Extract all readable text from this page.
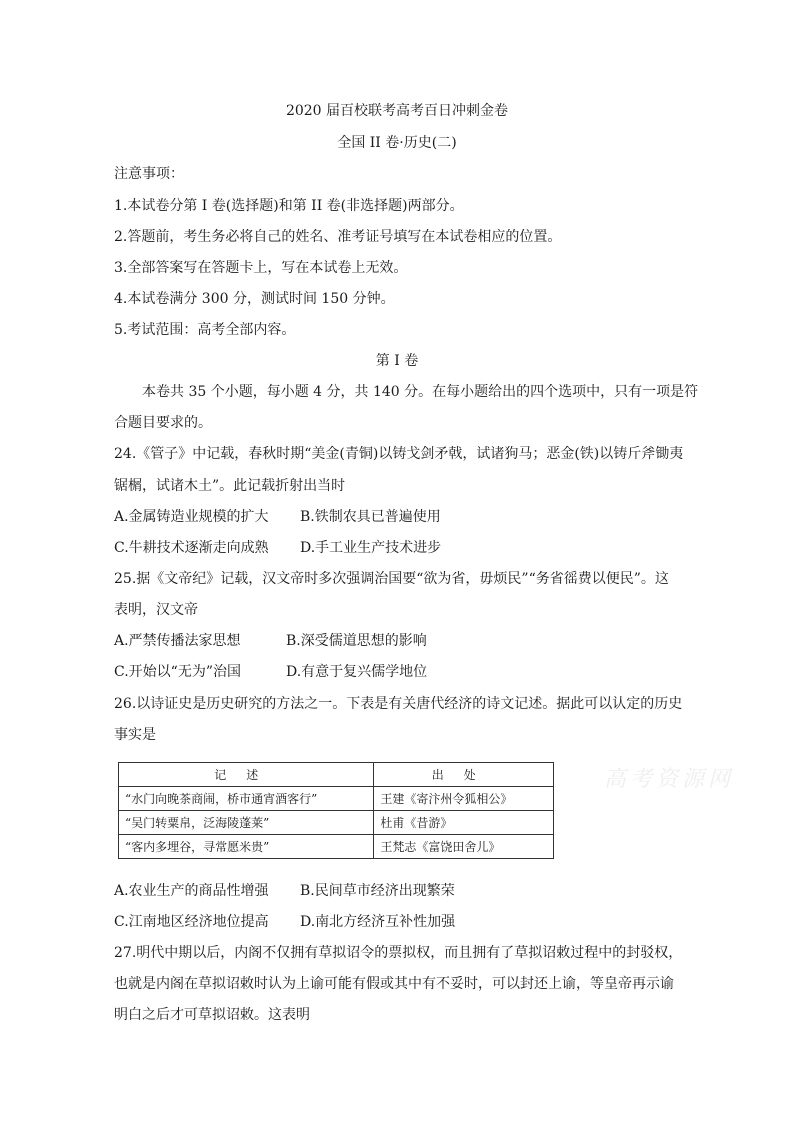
2020 届百校联考高考百日冲刺金卷
全国 II 卷·历史(二)
注意事项：
1.本试卷分第 I 卷(选择题)和第 II 卷(非选择题)两部分。
2.答题前，考生务必将自己的姓名、准考证号填写在本试卷相应的位置。
3.全部答案写在答题卡上，写在本试卷上无效。
4.本试卷满分 300 分，测试时间 150 分钟。
5.考试范围：高考全部内容。
第 I 卷
本卷共 35 个小题，每小题 4 分，共 140 分。在每小题给出的四个选项中，只有一项是符
合题目要求的。
24.《管子》中记载，春秋时期“美金(青铜)以铸戈剑矛戟，试诸狗马；恶金(铁)以铸斤斧锄夷
锯榍，试诸木土”。此记载折射出当时
A.金属铸造业规模的扩大 B.铁制农具已普遍使用
C.牛耕技术逐渐走向成熟 D.手工业生产技术进步
25.据《文帝纪》记载，汉文帝时多次强调治国要“欲为省，毋烦民”“务省徭费以便民”。这
表明，汉文帝
A.严禁传播法家思想	B.深受儒道思想的影响
C.开始以“无为”治国	D.有意于复兴儒学地位
26.以诗证史是历史研究的方法之一。下表是有关唐代经济的诗文记述。据此可以认定的历史
事实是
记述	出处
“水门向晚茶商闹，桥市通宵酒客行”	王建《寄汴州令狐相公》
“吴门转粟帛，泛海陵蓬莱”	杜甫《昔游》
“客内多埋谷，寻常愿米贵”	王梵志《富饶田舍儿》
高考资源网
A.农业生产的商品性增强 B.民间草市经济出现繁荣
C.江南地区经济地位提高 D.南北方经济互补性加强
27.明代中期以后，内阁不仅拥有草拟诏令的票拟权，而且拥有了草拟诏敕过程中的封驳权，
也就是内阁在草拟诏敕时认为上谕可能有假或其中有不妥时，可以封还上谕，等皇帝再示谕
明白之后才可草拟诏敕。这表明
